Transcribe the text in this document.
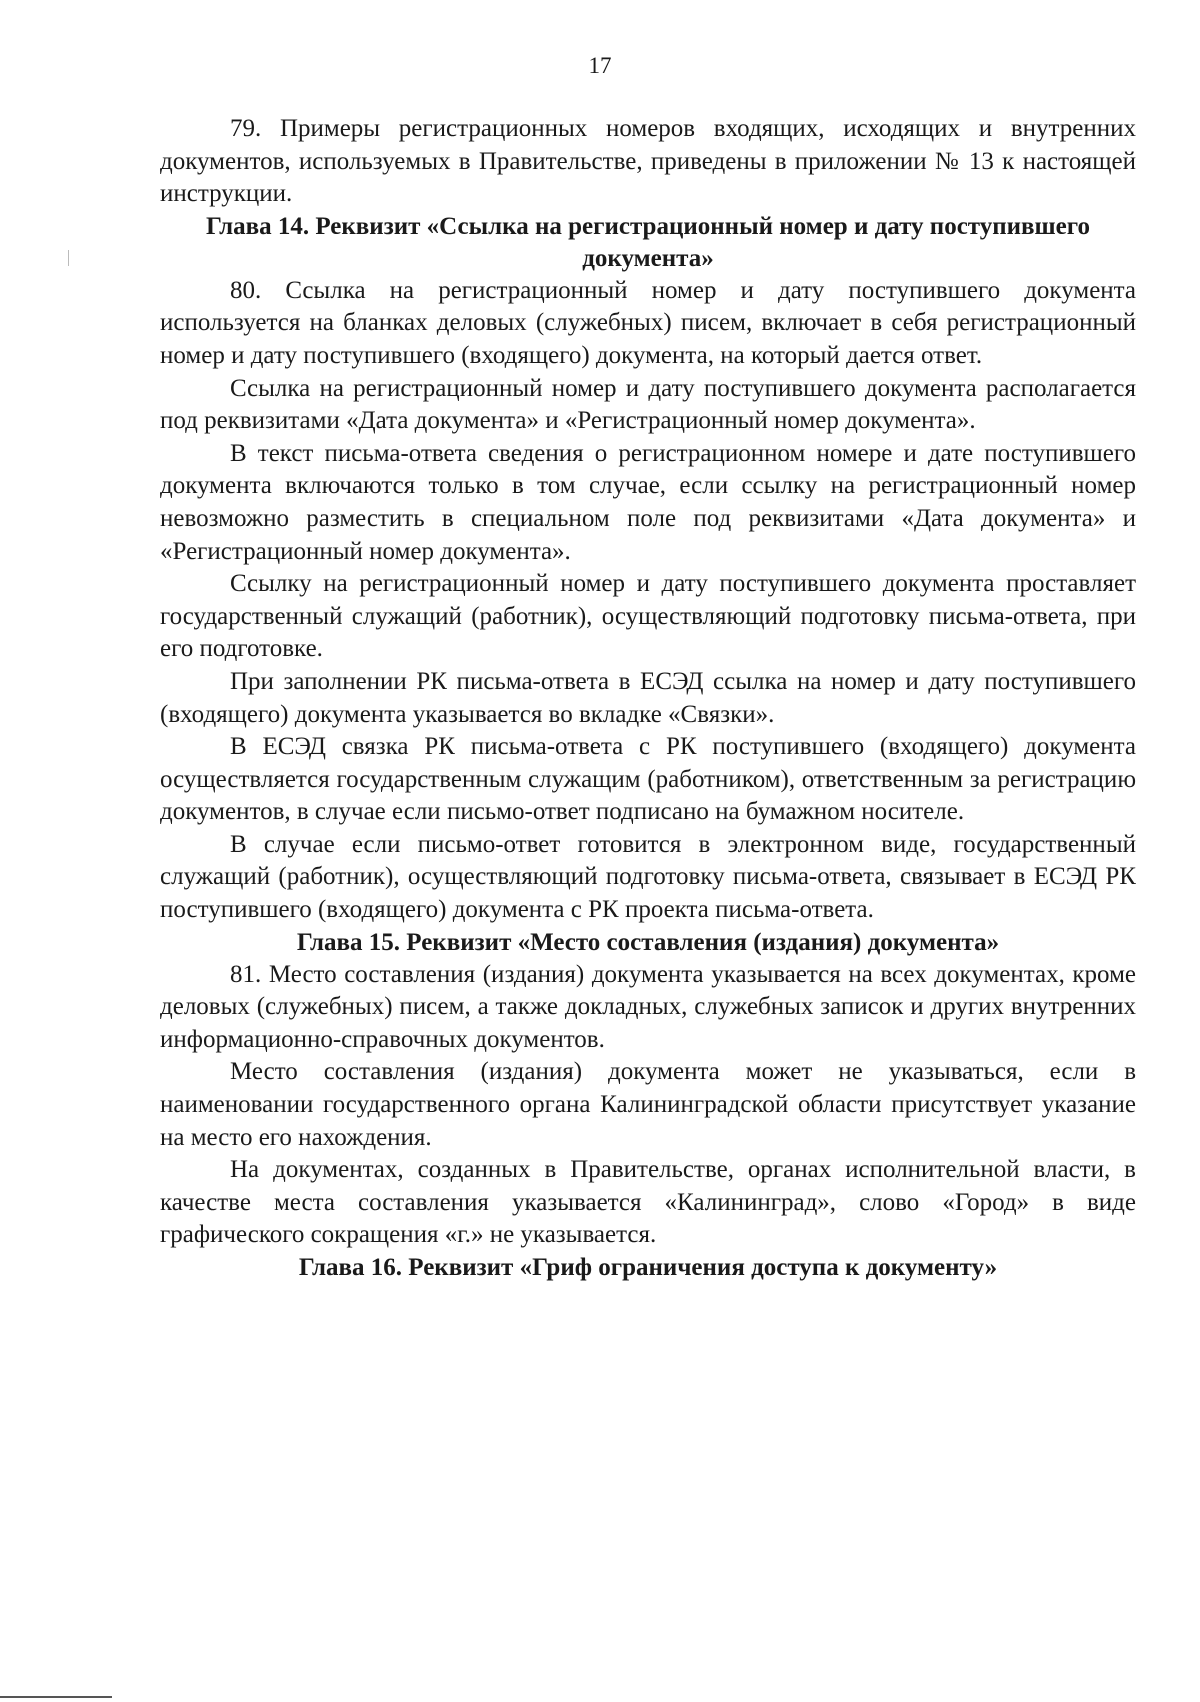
17

79. Примеры регистрационных номеров входящих, исходящих и внутренних документов, используемых в Правительстве, приведены в приложении № 13 к настоящей инструкции.

Глава 14. Реквизит «Ссылка на регистрационный номер и дату поступившего документа»

80. Ссылка на регистрационный номер и дату поступившего документа используется на бланках деловых (служебных) писем, включает в себя регистрационный номер и дату поступившего (входящего) документа, на который дается ответ.

Ссылка на регистрационный номер и дату поступившего документа располагается под реквизитами «Дата документа» и «Регистрационный номер документа».

В текст письма-ответа сведения о регистрационном номере и дате поступившего документа включаются только в том случае, если ссылку на регистрационный номер невозможно разместить в специальном поле под реквизитами «Дата документа» и «Регистрационный номер документа».

Ссылку на регистрационный номер и дату поступившего документа проставляет государственный служащий (работник), осуществляющий подготовку письма-ответа, при его подготовке.

При заполнении РК письма-ответа в ЕСЭД ссылка на номер и дату поступившего (входящего) документа указывается во вкладке «Связки».

В ЕСЭД связка РК письма-ответа с РК поступившего (входящего) документа осуществляется государственным служащим (работником), ответственным за регистрацию документов, в случае если письмо-ответ подписано на бумажном носителе.

В случае если письмо-ответ готовится в электронном виде, государственный служащий (работник), осуществляющий подготовку письма-ответа, связывает в ЕСЭД РК поступившего (входящего) документа с РК проекта письма-ответа.

Глава 15. Реквизит «Место составления (издания) документа»

81. Место составления (издания) документа указывается на всех документах, кроме деловых (служебных) писем, а также докладных, служебных записок и других внутренних информационно-справочных документов.

Место составления (издания) документа может не указываться, если в наименовании государственного органа Калининградской области присутствует указание на место его нахождения.

На документах, созданных в Правительстве, органах исполнительной власти, в качестве места составления указывается «Калининград», слово «Город» в виде графического сокращения «г.» не указывается.

Глава 16. Реквизит «Гриф ограничения доступа к документу»
